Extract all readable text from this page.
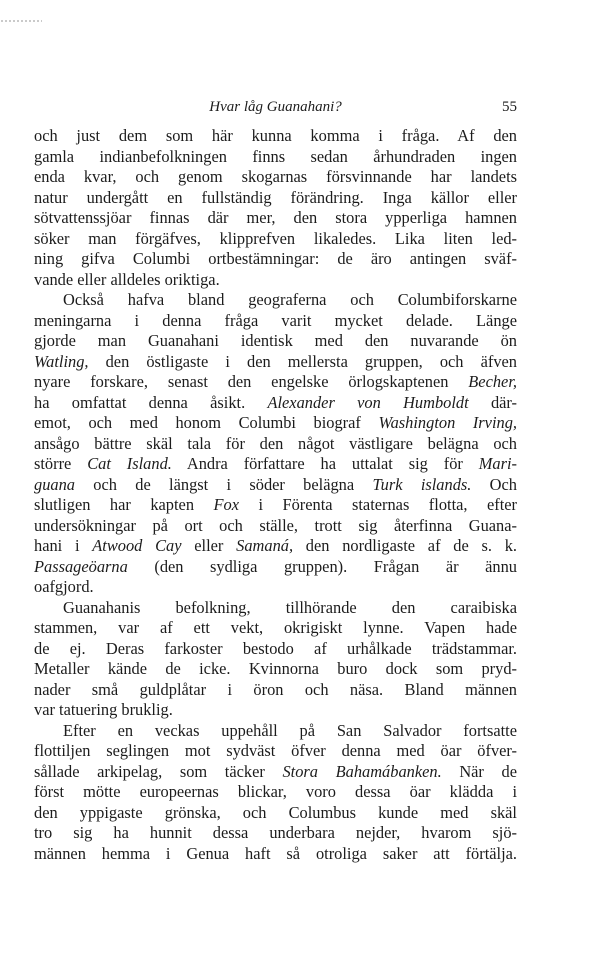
Hvar låg Guanahani?	55
och just dem som här kunna komma i fråga. Af den
gamla indianbefolkningen finns sedan århundraden ingen
enda kvar, och genom skogarnas försvinnande har landets
natur undergått en fullständig förändring. Inga källor eller
sötvattenssjöar finnas där mer, den stora ypperliga hamnen
söker man förgäfves, klipprefven likaledes. Lika liten led-
ning gifva Columbi ortbestämningar: de äro antingen sväf-
vande eller alldeles oriktiga.
Också hafva bland geograferna och Columbiforskarne
meningarna i denna fråga varit mycket delade. Länge
gjorde man Guanahani identisk med den nuvarande ön
Watling, den östligaste i den mellersta gruppen, och äfven
nyare forskare, senast den engelske örlogskaptenen Becher,
ha omfattat denna åsikt. Alexander von Humboldt där-
emot, och med honom Columbi biograf Washington Irving,
ansågo bättre skäl tala för den något västligare belägna och
större Cat Island. Andra författare ha uttalat sig för Mari-
guana och de längst i söder belägna Turk islands. Och
slutligen har kapten Fox i Förenta staternas flotta, efter
undersökningar på ort och ställe, trott sig återfinna Guana-
hani i Atwood Cay eller Samaná, den nordligaste af de s. k.
Passageöarna (den sydliga gruppen). Frågan är ännu
oafgjord.
Guanahanis befolkning, tillhörande den caraibiska
stammen, var af ett vekt, okrigiskt lynne. Vapen hade
de ej. Deras farkoster bestodo af urhålkade trädstammar.
Metaller kände de icke. Kvinnorna buro dock som pryd-
nader små guldplåtar i öron och näsa. Bland männen
var tatuering bruklig.
Efter en veckas uppehåll på San Salvador fortsatte
flottiljen seglingen mot sydväst öfver denna med öar öfver-
sållade arkipelag, som täcker Stora Bahamábanken. När de
först mötte europeernas blickar, voro dessa öar klädda i
den yppigaste grönska, och Columbus kunde med skäl
tro sig ha hunnit dessa underbara nejder, hvarom sjö-
männen hemma i Genua haft så otroliga saker att förtälja.
